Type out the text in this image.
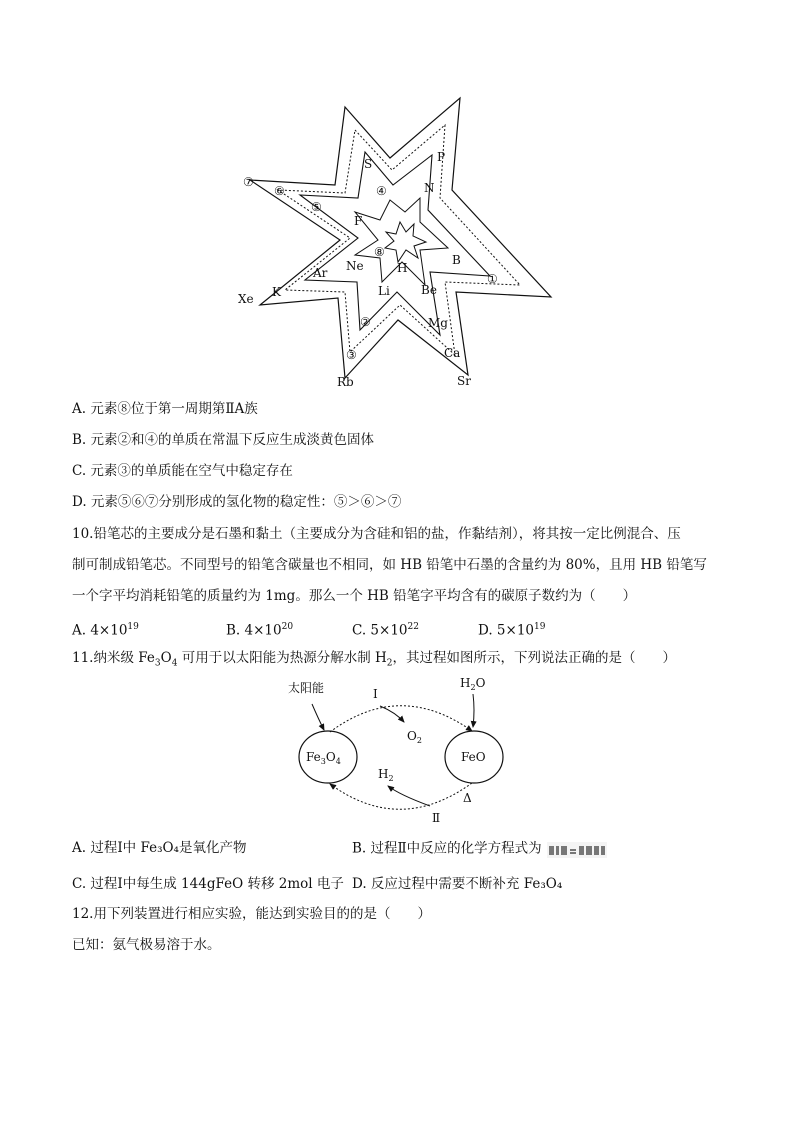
⑦
⑥
⑤
S	P
N
④
F
⑧
H
Ne
Ar
B
①
Li	Be
K
Xe
②	Mg
③	Ca
Rb	Sr
A. 元素⑧位于第一周期第ⅡA族
B. 元素②和④的单质在常温下反应生成淡黄色固体
C. 元素③的单质能在空气中稳定存在
D. 元素⑤⑥⑦分别形成的氢化物的稳定性：⑤＞⑥＞⑦
10.铅笔芯的主要成分是石墨和黏土（主要成分为含硅和铝的盐，作黏结剂），将其按一定比例混合、压
制可制成铅笔芯。不同型号的铅笔含碳量也不相同，如 HB 铅笔中石墨的含量约为 80%，且用 HB 铅笔写
一个字平均消耗铅笔的质量约为 1mg。那么一个 HB 铅笔字平均含有的碳原子数约为（　　）
A. $4\times 10^{19}$	B. $4\times 10^{20}$	C. $5\times 10^{22}$	D. $5\times 10^{19}$
11.纳米级 $Fe_3O_4$ 可用于以太阳能为热源分解水制 $H_2$，其过程如图所示，下列说法正确的是（　　）
太阳能	I
$O_2$
$H_2O$
$Fe_3O_4$	FeO
$H_2$
Δ
Ⅱ
A. 过程Ⅰ中 Fe₃O₄是氧化产物	B. 过程Ⅱ中反应的化学方程式为
C. 过程Ⅰ中每生成 144gFeO 转移 2mol 电子 D. 反应过程中需要不断补充 Fe₃O₄
12.用下列装置进行相应实验，能达到实验目的的是（　　）
已知：氨气极易溶于水。
